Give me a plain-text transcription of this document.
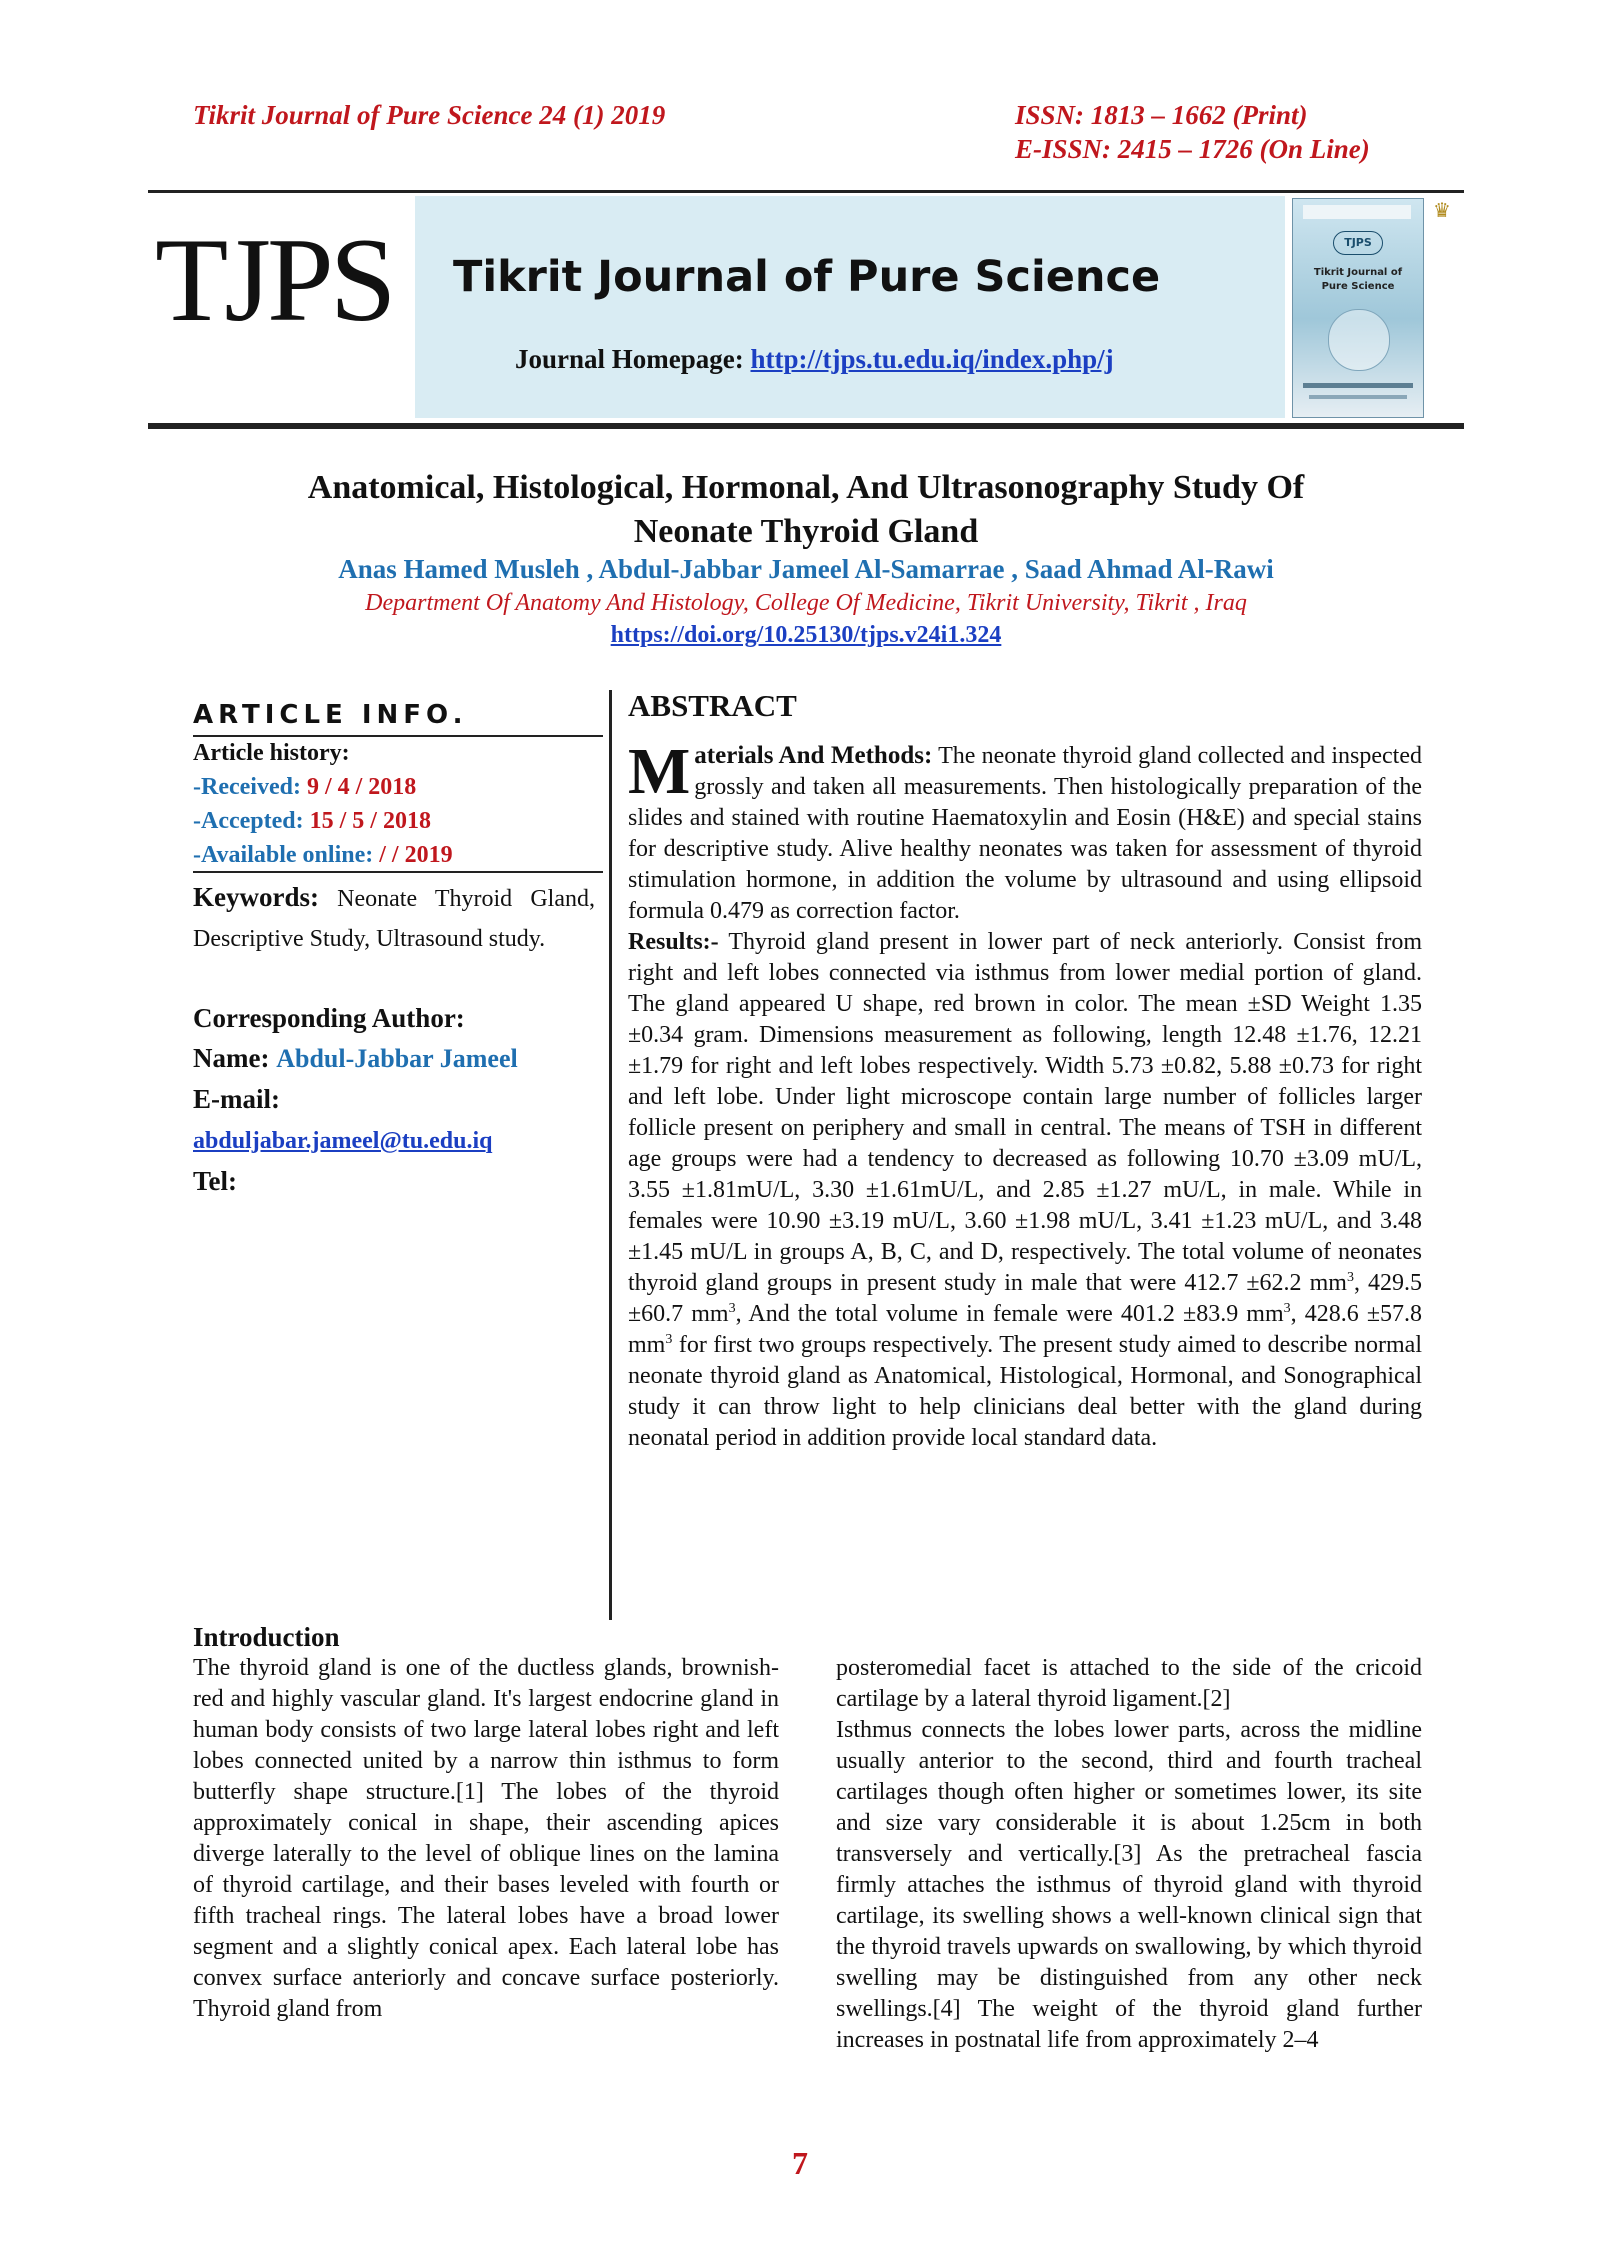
Tikrit Journal of Pure Science 24 (1) 2019	ISSN: 1813 – 1662 (Print)
E-ISSN: 2415 – 1726 (On Line)
TJPS Tikrit Journal of Pure Science
Journal Homepage: http://tjps.tu.edu.iq/index.php/j
TJPS
Tikrit Journal of
Pure Science
♛
Anatomical, Histological, Hormonal, And Ultrasonography Study Of
Neonate Thyroid Gland
Anas Hamed Musleh , Abdul-Jabbar Jameel Al-Samarrae , Saad Ahmad Al-Rawi
Department Of Anatomy And Histology, College Of Medicine, Tikrit University, Tikrit , Iraq
https://doi.org/10.25130/tjps.v24i1.324
ARTICLE INFO.
Article history:
-Received: 9 / 4 / 2018
-Accepted: 15 / 5 / 2018
-Available online: / / 2019
Keywords: Neonate Thyroid Gland, Descriptive Study, Ultrasound study.
Corresponding Author:
Name: Abdul-Jabbar Jameel
E-mail:
abduljabar.jameel@tu.edu.iq
Tel:
ABSTRACT
Materials And Methods: The neonate thyroid gland collected and inspected grossly and taken all measurements. Then histologically preparation of the slides and stained with routine Haematoxylin and Eosin (H&E) and special stains for descriptive study. Alive healthy neonates was taken for assessment of thyroid stimulation hormone, in addition the volume by ultrasound and using ellipsoid formula 0.479 as correction factor.
Results:- Thyroid gland present in lower part of neck anteriorly. Consist from right and left lobes connected via isthmus from lower medial portion of gland. The gland appeared U shape, red brown in color. The mean ±SD Weight 1.35 ±0.34 gram. Dimensions measurement as following, length 12.48 ±1.76, 12.21 ±1.79 for right and left lobes respectively. Width 5.73 ±0.82, 5.88 ±0.73 for right and left lobe. Under light microscope contain large number of follicles larger follicle present on periphery and small in central. The means of TSH in different age groups were had a tendency to decreased as following 10.70 ±3.09 mU/L, 3.55 ±1.81mU/L, 3.30 ±1.61mU/L, and 2.85 ±1.27 mU/L, in male. While in females were 10.90 ±3.19 mU/L, 3.60 ±1.98 mU/L, 3.41 ±1.23 mU/L, and 3.48 ±1.45 mU/L in groups A, B, C, and D, respectively. The total volume of neonates thyroid gland groups in present study in male that were 412.7 ±62.2 $mm^3$, 429.5 ±60.7 $mm^3$, And the total volume in female were 401.2 ±83.9 $mm^3$, 428.6 ±57.8 $mm^3$ for first two groups respectively. The present study aimed to describe normal neonate thyroid gland as Anatomical, Histological, Hormonal, and Sonographical study it can throw light to help clinicians deal better with the gland during neonatal period in addition provide local standard data.
Introduction
The thyroid gland is one of the ductless glands, brownish-red and highly vascular gland. It's largest endocrine gland in human body consists of two large lateral lobes right and left lobes connected united by a narrow thin isthmus to form butterfly shape structure.[1] The lobes of the thyroid approximately conical in shape, their ascending apices diverge laterally to the level of oblique lines on the lamina of thyroid cartilage, and their bases leveled with fourth or fifth tracheal rings. The lateral lobes have a broad lower segment and a slightly conical apex. Each lateral lobe has convex surface anteriorly and concave surface posteriorly. Thyroid gland from
posteromedial facet is attached to the side of the cricoid cartilage by a lateral thyroid ligament.[2]
Isthmus connects the lobes lower parts, across the midline usually anterior to the second, third and fourth tracheal cartilages though often higher or sometimes lower, its site and size vary considerable it is about 1.25cm in both transversely and vertically.[3] As the pretracheal fascia firmly attaches the isthmus of thyroid gland with thyroid cartilage, its swelling shows a well-known clinical sign that the thyroid travels upwards on swallowing, by which thyroid swelling may be distinguished from any other neck swellings.[4] The weight of the thyroid gland further increases in postnatal life from approximately 2–4
7
